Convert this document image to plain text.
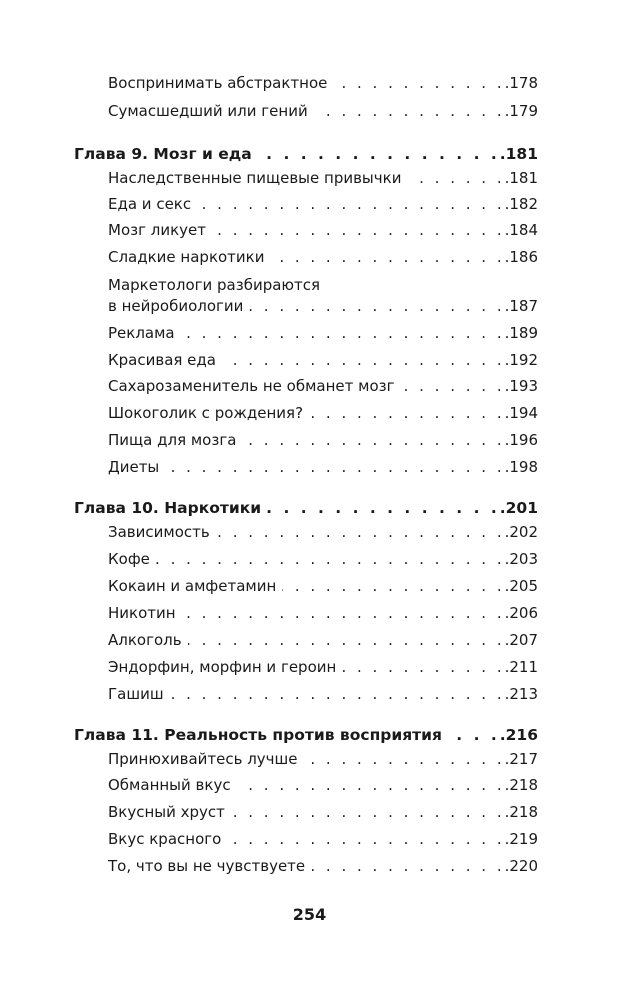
Воспринимать абстрактное . . .	.178
Сумасшедший или гений . . .	.179
Глава 9. Мозг и еда . . .	.181
Наследственные пищевые привычки . . .	.181
Еда и секс . . .	.182
Мозг ликует . . .	.184
Сладкие наркотики . . .	.186
Маркетологи разбираются
в нейробиологии . . .	.187
Реклама . . .	.189
Красивая еда . . .	.192
Сахарозаменитель не обманет мозг . . .	.193
Шокоголик с рождения? . . .	.194
Пища для мозга . . .	.196
Диеты . . .	.198
Глава 10. Наркотики . . .	.201
Зависимость . . .	.202
Кофе . . .	.203
Кокаин и амфетамин . . .	.205
Никотин . . .	.206
Алкоголь . . .	.207
Эндорфин, морфин и героин . . .	.211
Гашиш . . .	.213
Глава 11. Реальность против восприятия . . .	.216
Принюхивайтесь лучше . . .	.217
Обманный вкус . . .	.218
Вкусный хруст . . .	.218
Вкус красного . . .	.219
То, что вы не чувствуете . . .	.220
254
